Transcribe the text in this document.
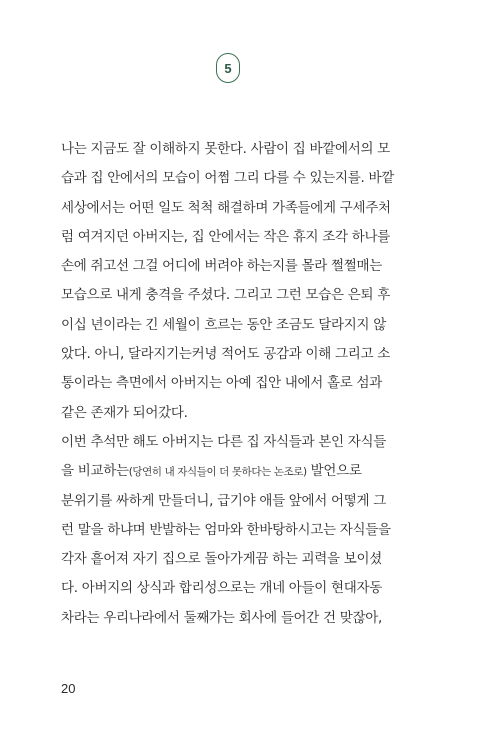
5
나는 지금도 잘 이해하지 못한다. 사람이 집 바깥에서의 모
습과 집 안에서의 모습이 어쩜 그리 다를 수 있는지를. 바깥
세상에서는 어떤 일도 척척 해결하며 가족들에게 구세주처
럼 여겨지던 아버지는, 집 안에서는 작은 휴지 조각 하나를
손에 쥐고선 그걸 어디에 버려야 하는지를 몰라 쩔쩔매는
모습으로 내게 충격을 주셨다. 그리고 그런 모습은 은퇴 후
이십 년이라는 긴 세월이 흐르는 동안 조금도 달라지지 않
았다. 아니, 달라지기는커녕 적어도 공감과 이해 그리고 소
통이라는 측면에서 아버지는 아예 집안 내에서 홀로 섬과
같은 존재가 되어갔다.
이번 추석만 해도 아버지는 다른 집 자식들과 본인 자식들
을 비교하는(당연히 내 자식들이 더 못하다는 논조로) 발언으로
분위기를 싸하게 만들더니, 급기야 애들 앞에서 어떻게 그
런 말을 하냐며 반발하는 엄마와 한바탕하시고는 자식들을
각자 흩어져 자기 집으로 돌아가게끔 하는 괴력을 보이셨
다. 아버지의 상식과 합리성으로는 개네 아들이 현대자동
차라는 우리나라에서 둘째가는 회사에 들어간 건 맞잖아,
20
